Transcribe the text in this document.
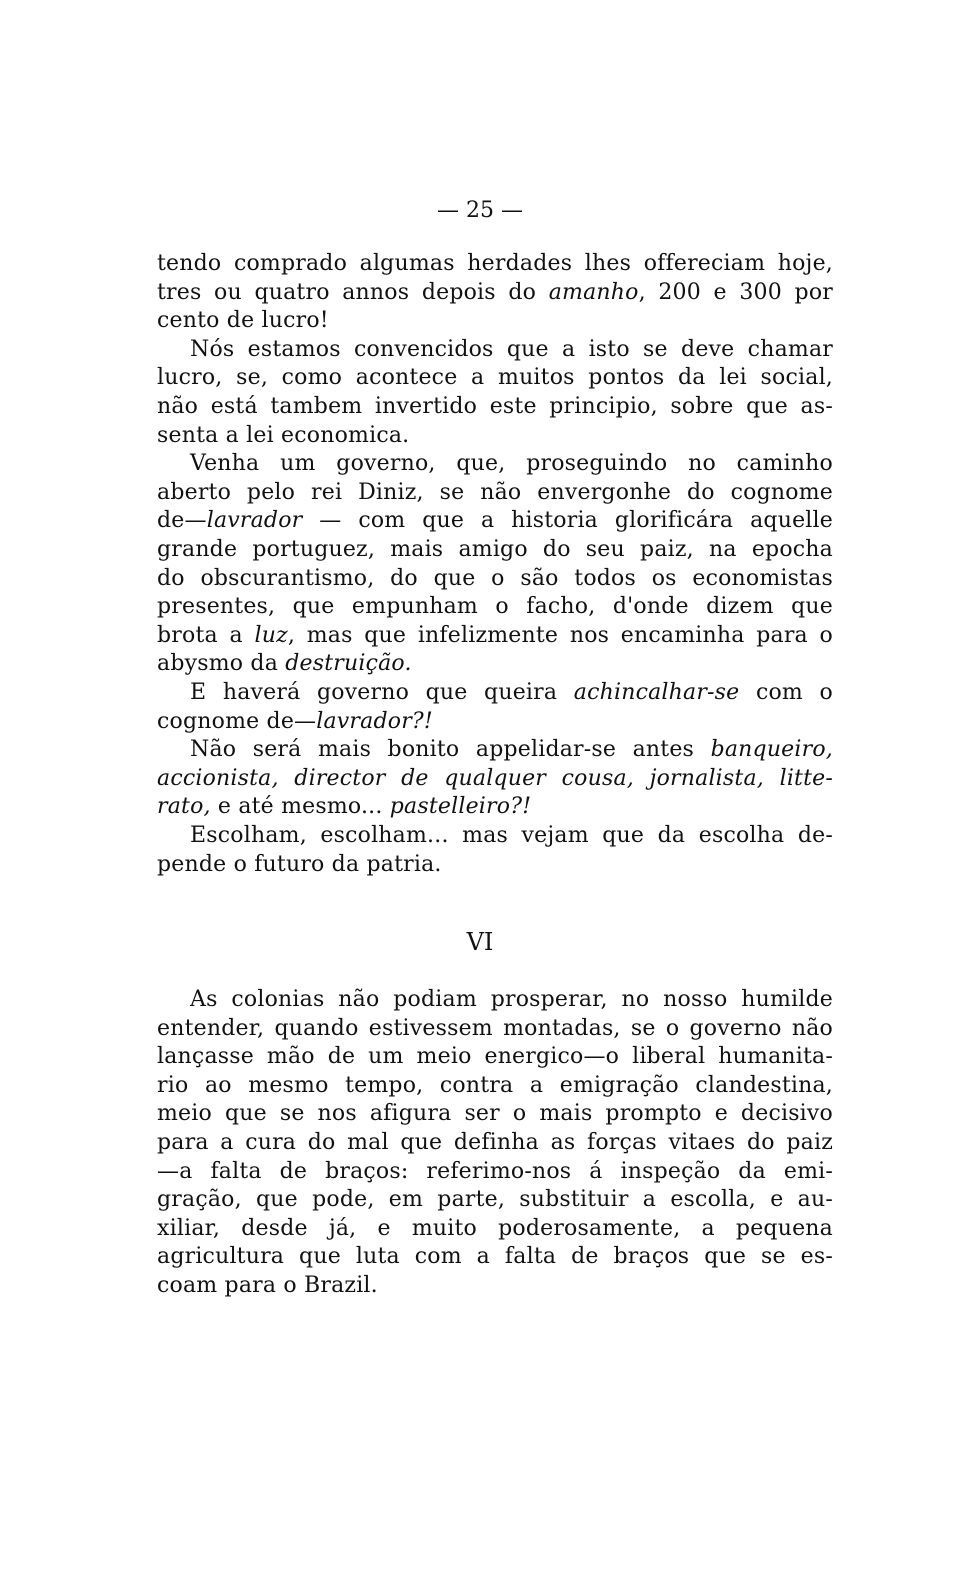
— 25 —
tendo comprado algumas herdades lhes offereciam hoje,
tres ou quatro annos depois do amanho, 200 e 300 por
cento de lucro!
Nós estamos convencidos que a isto se deve chamar
lucro, se, como acontece a muitos pontos da lei social,
não está tambem invertido este principio, sobre que as-
senta a lei economica.
Venha um governo, que, proseguindo no caminho
aberto pelo rei Diniz, se não envergonhe do cognome
de—lavrador — com que a historia glorificára aquelle
grande portuguez, mais amigo do seu paiz, na epocha
do obscurantismo, do que o são todos os economistas
presentes, que empunham o facho, d'onde dizem que
brota a luz, mas que infelizmente nos encaminha para o
abysmo da destruição.
E haverá governo que queira achincalhar-se com o
cognome de—lavrador?!
Não será mais bonito appelidar-se antes banqueiro,
accionista, director de qualquer cousa, jornalista, litte-
rato, e até mesmo... pastelleiro?!
Escolham, escolham... mas vejam que da escolha de-
pende o futuro da patria.
VI
As colonias não podiam prosperar, no nosso humilde
entender, quando estivessem montadas, se o governo não
lançasse mão de um meio energico—o liberal humanita-
rio ao mesmo tempo, contra a emigração clandestina,
meio que se nos afigura ser o mais prompto e decisivo
para a cura do mal que definha as forças vitaes do paiz
—a falta de braços: referimo-nos á inspeção da emi-
gração, que pode, em parte, substituir a escolla, e au-
xiliar, desde já, e muito poderosamente, a pequena
agricultura que luta com a falta de braços que se es-
coam para o Brazil.
